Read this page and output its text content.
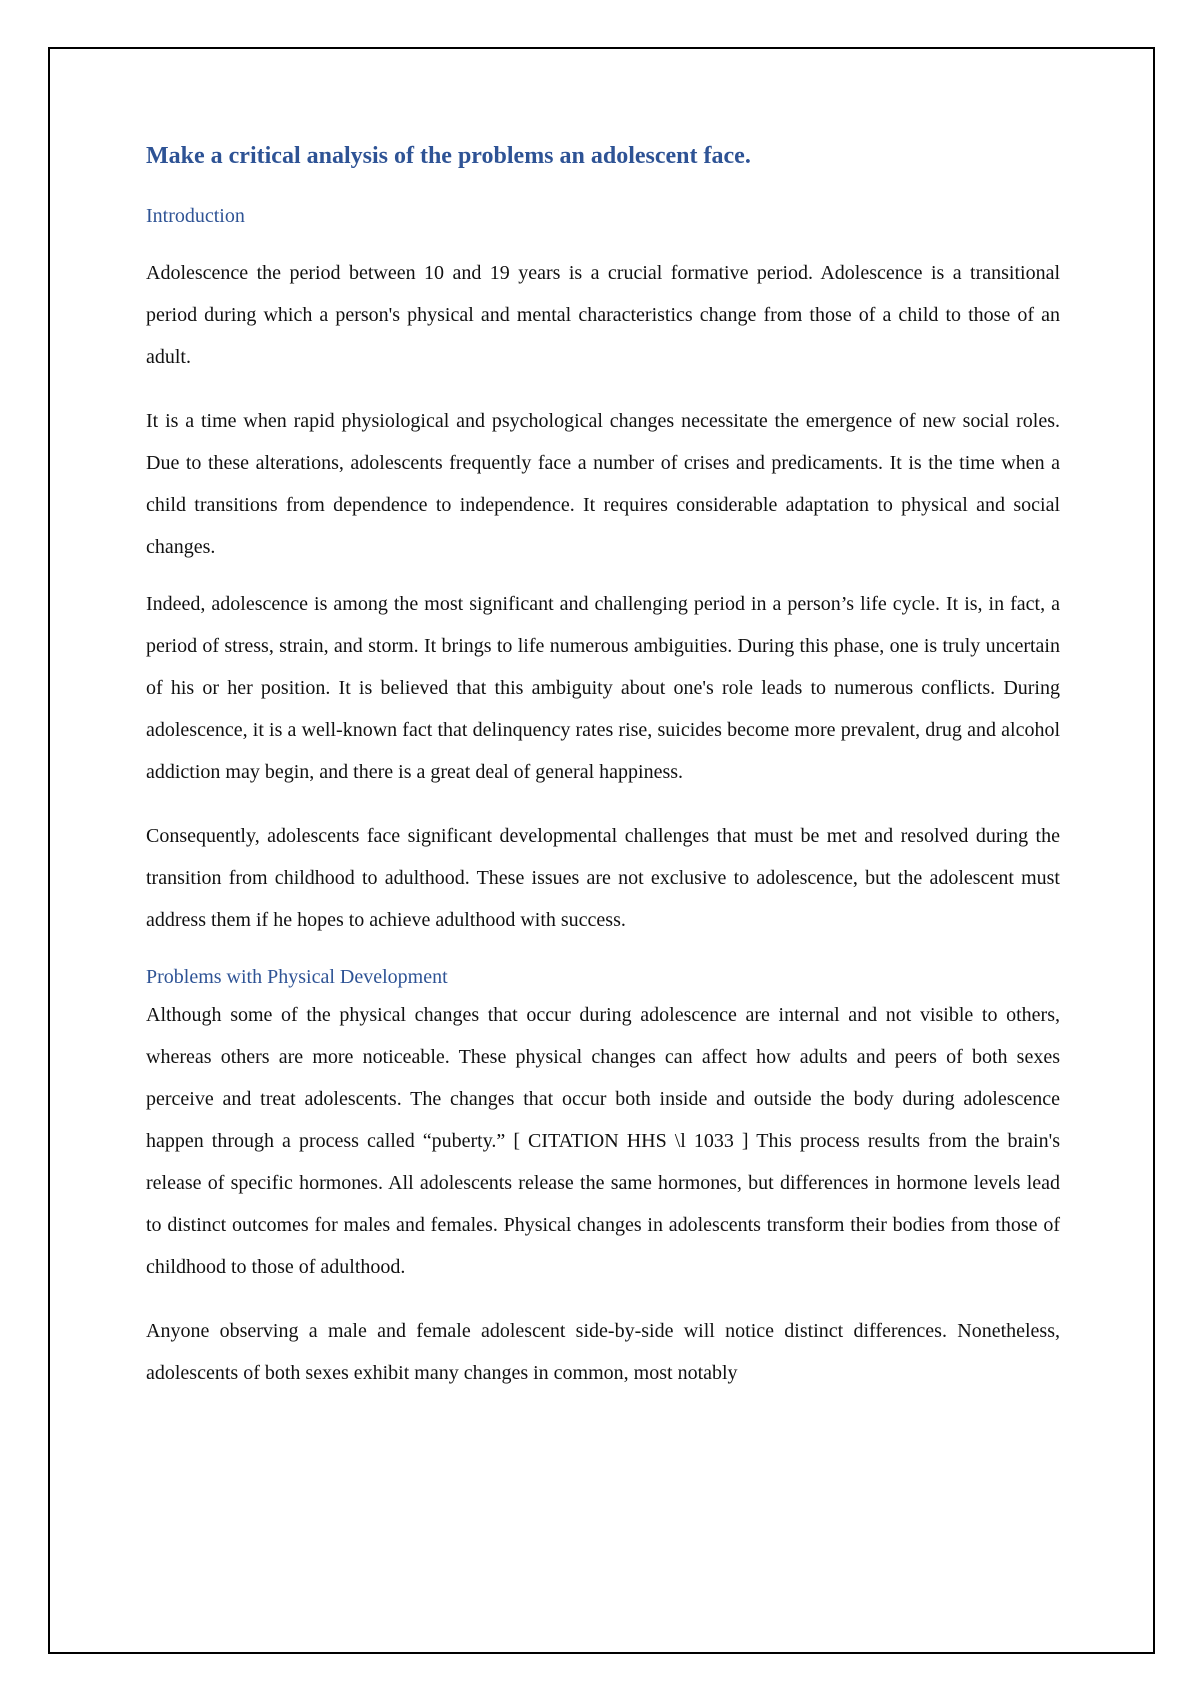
Make a critical analysis of the problems an adolescent face.
Introduction

Adolescence the period between 10 and 19 years is a crucial formative period. Adolescence is a transitional period during which a person's physical and mental characteristics change from those of a child to those of an adult.

It is a time when rapid physiological and psychological changes necessitate the emergence of new social roles. Due to these alterations, adolescents frequently face a number of crises and predicaments. It is the time when a child transitions from dependence to independence. It requires considerable adaptation to physical and social changes.

Indeed, adolescence is among the most significant and challenging period in a person’s life cycle. It is, in fact, a period of stress, strain, and storm. It brings to life numerous ambiguities. During this phase, one is truly uncertain of his or her position. It is believed that this ambiguity about one's role leads to numerous conflicts. During adolescence, it is a well-known fact that delinquency rates rise, suicides become more prevalent, drug and alcohol addiction may begin, and there is a great deal of general happiness.

Consequently, adolescents face significant developmental challenges that must be met and resolved during the transition from childhood to adulthood. These issues are not exclusive to adolescence, but the adolescent must address them if he hopes to achieve adulthood with success.

Problems with Physical Development

Although some of the physical changes that occur during adolescence are internal and not visible to others, whereas others are more noticeable. These physical changes can affect how adults and peers of both sexes perceive and treat adolescents. The changes that occur both inside and outside the body during adolescence happen through a process called “puberty.” [ CITATION HHS \l 1033 ] This process results from the brain's release of specific hormones. All adolescents release the same hormones, but differences in hormone levels lead to distinct outcomes for males and females. Physical changes in adolescents transform their bodies from those of childhood to those of adulthood.

Anyone observing a male and female adolescent side-by-side will notice distinct differences. Nonetheless, adolescents of both sexes exhibit many changes in common, most notably
